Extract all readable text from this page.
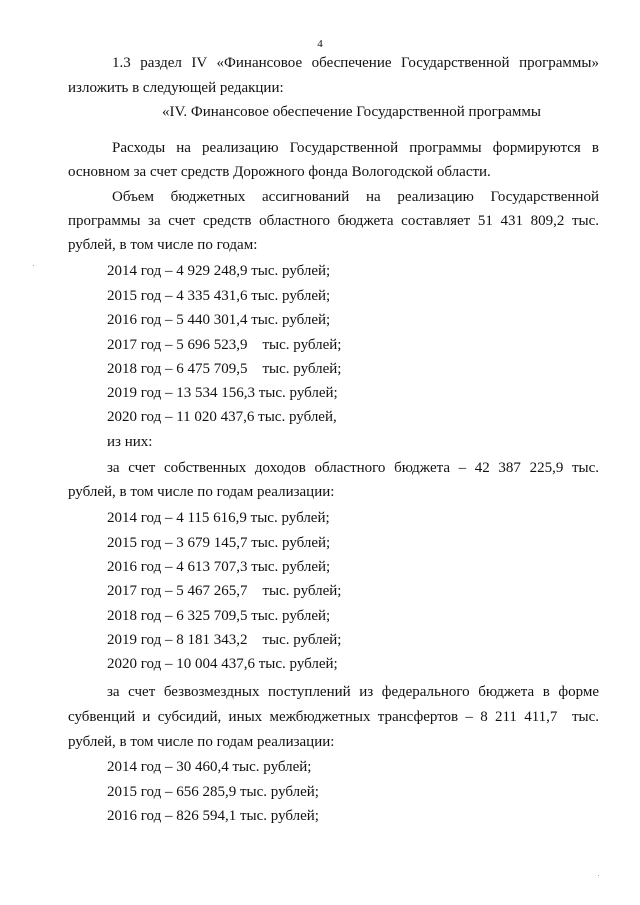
4
1.3 раздел IV «Финансовое обеспечение Государственной программы»
изложить в следующей редакции:
«IV. Финансовое обеспечение Государственной программы
Расходы на реализацию Государственной программы формируются в
основном за счет средств Дорожного фонда Вологодской области.
Объем бюджетных ассигнований на реализацию Государственной
программы за счет средств областного бюджета составляет 51 431 809,2 тыс.
рублей, в том числе по годам:
2014 год – 4 929 248,9 тыс. рублей;
2015 год – 4 335 431,6 тыс. рублей;
2016 год – 5 440 301,4 тыс. рублей;
2017 год – 5 696 523,9    тыс. рублей;
2018 год – 6 475 709,5    тыс. рублей;
2019 год – 13 534 156,3 тыс. рублей;
2020 год – 11 020 437,6 тыс. рублей,
из них:
за счет собственных доходов областного бюджета – 42 387 225,9 тыс.
рублей, в том числе по годам реализации:
2014 год – 4 115 616,9 тыс. рублей;
2015 год – 3 679 145,7 тыс. рублей;
2016 год – 4 613 707,3 тыс. рублей;
2017 год – 5 467 265,7    тыс. рублей;
2018 год – 6 325 709,5 тыс. рублей;
2019 год – 8 181 343,2    тыс. рублей;
2020 год – 10 004 437,6 тыс. рублей;
за счет безвозмездных поступлений из федерального бюджета в форме
субвенций и субсидий, иных межбюджетных трансфертов – 8 211 411,7  тыс.
рублей, в том числе по годам реализации:
2014 год – 30 460,4 тыс. рублей;
2015 год – 656 285,9 тыс. рублей;
2016 год – 826 594,1 тыс. рублей;
